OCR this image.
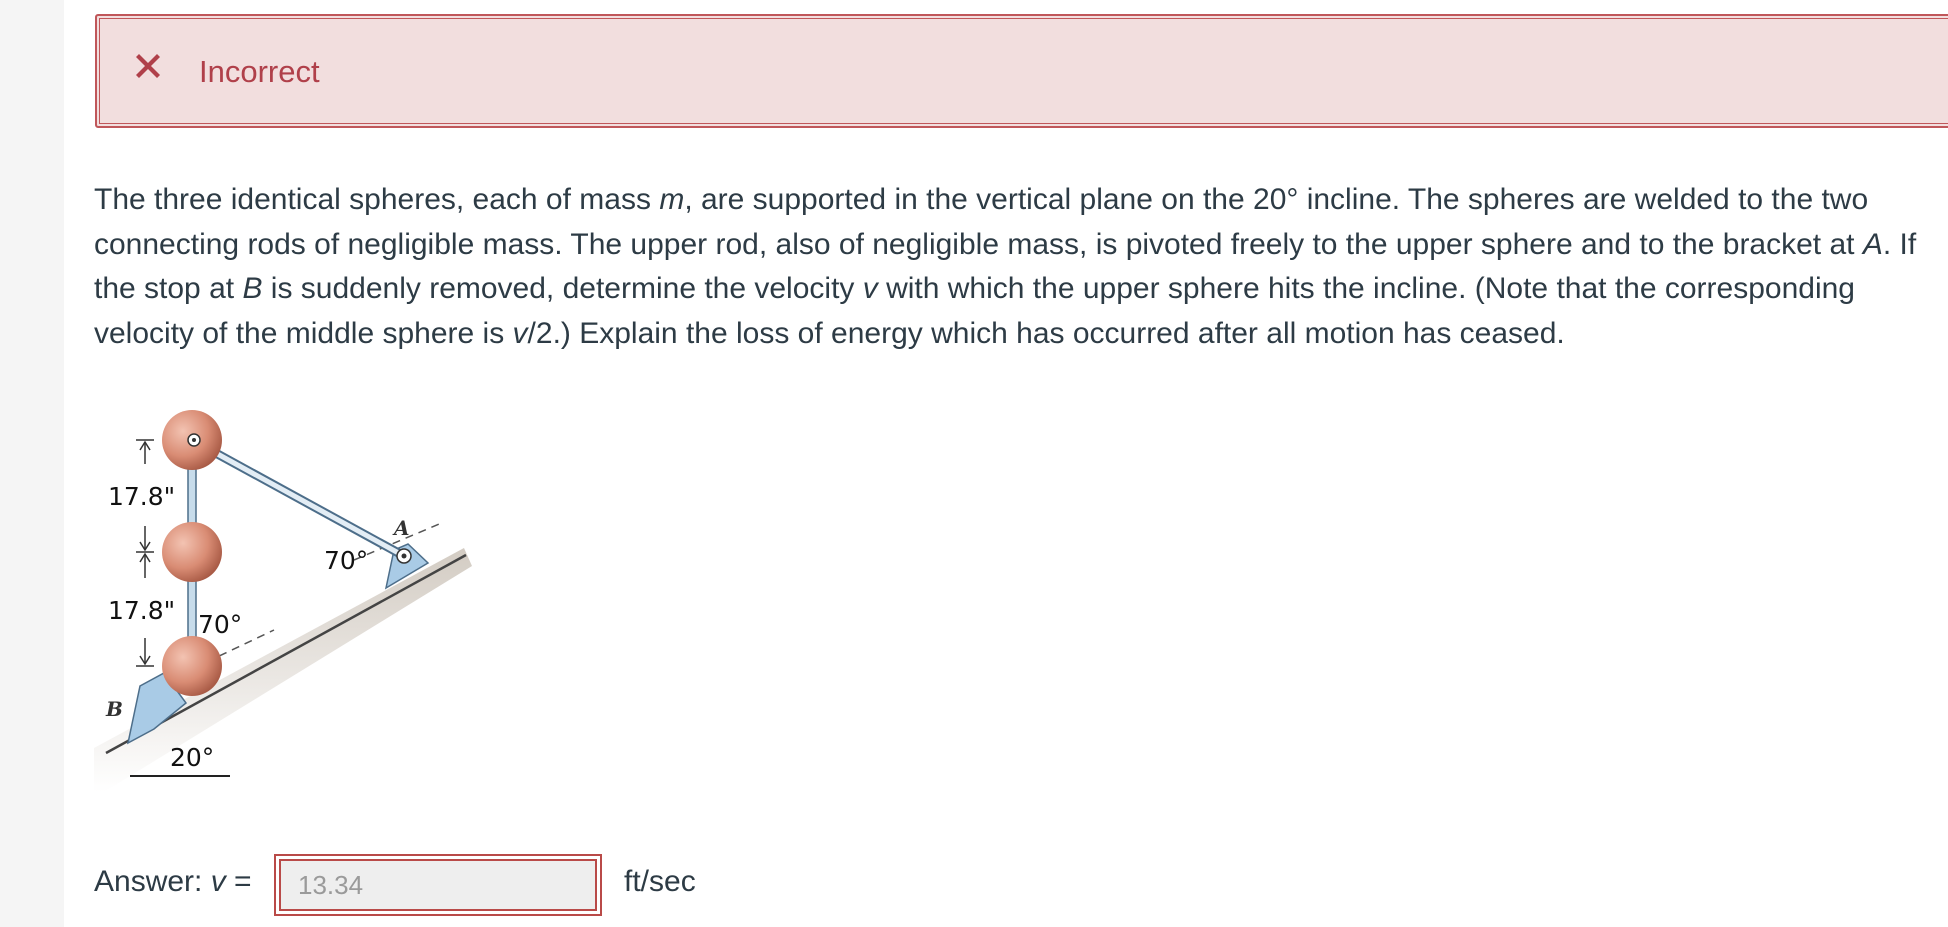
Incorrect
The three identical spheres, each of mass m, are supported in the vertical plane on the 20° incline. The spheres are welded to the two connecting rods of negligible mass. The upper rod, also of negligible mass, is pivoted freely to the upper sphere and to the bracket at A. If the stop at B is suddenly removed, determine the velocity v with which the upper sphere hits the incline. (Note that the corresponding velocity of the middle sphere is v/2.) Explain the loss of energy which has occurred after all motion has ceased.
17.8"
17.8"
70°
70°
20°
A
B
Answer: v =
13.34	ft/sec
